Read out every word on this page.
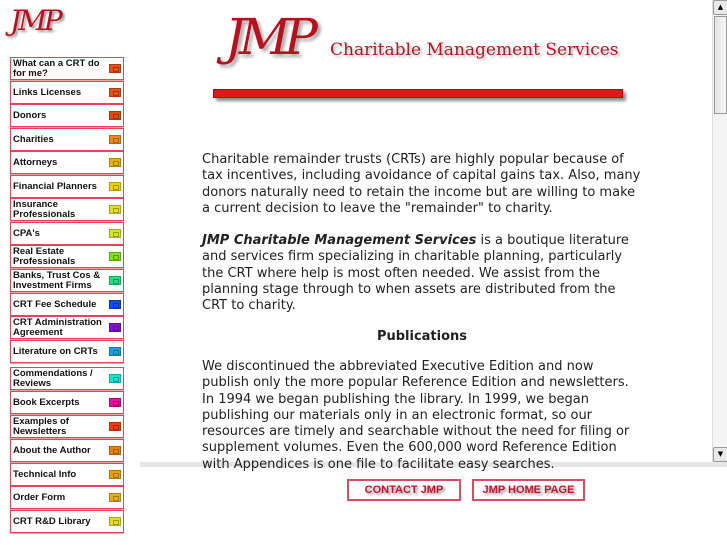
JMP
What can a CRT do for me?
Links Licenses
Donors
Charities
Attorneys
Financial Planners
Insurance Professionals
CPA's
Real Estate Professionals
Banks, Trust Cos & Investment Firms
CRT Fee Schedule
CRT Administration Agreement
Literature on CRTs
Commendations / Reviews
Book Excerpts
Examples of Newsletters
About the Author
Technical Info
Order Form
CRT R&D Library
JMP Charitable Management Services

Charitable remainder trusts (CRTs) are highly popular because of tax incentives, including avoidance of capital gains tax. Also, many donors naturally need to retain the income but are willing to make a current decision to leave the "remainder" to charity.

JMP Charitable Management Services is a boutique literature and services firm specializing in charitable planning, particularly the CRT where help is most often needed. We assist from the planning stage through to when assets are distributed from the CRT to charity.

Publications

We discontinued the abbreviated Executive Edition and now publish only the more popular Reference Edition and newsletters. In 1994 we began publishing the library. In 1999, we began publishing our materials only in an electronic format, so our resources are timely and searchable without the need for filing or supplement volumes. Even the 600,000 word Reference Edition with Appendices is one file to facilitate easy searches.

▲
▼
CONTACT JMP	JMP HOME PAGE
